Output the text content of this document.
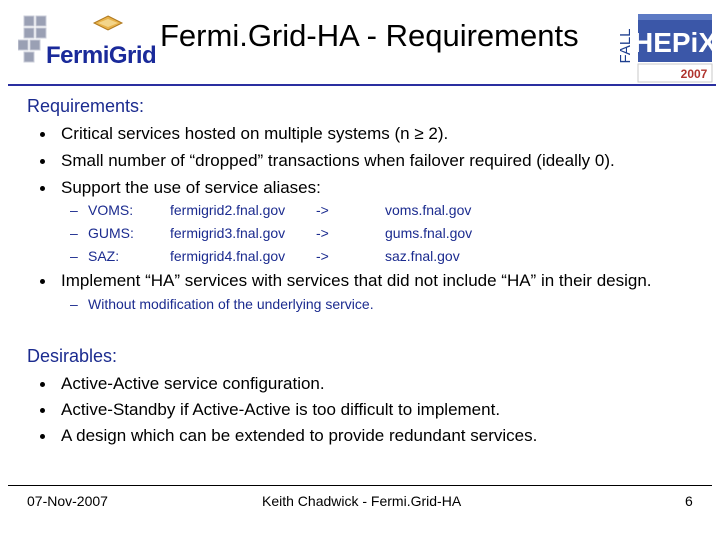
FermiGrid
Fermi.Grid-HA - Requirements	FALL
HEPiX
2007
Requirements:
Critical services hosted on multiple systems (n ≥ 2).
Small number of “dropped” transactions when failover required (ideally 0).
Support the use of service aliases:
– VOMS:	fermigrid2.fnal.gov ->	voms.fnal.gov
– GUMS:	fermigrid3.fnal.gov ->	gums.fnal.gov
– SAZ:	fermigrid4.fnal.gov ->	saz.fnal.gov
Implement “HA” services with services that did not include “HA” in their design.
– Without modification of the underlying service.
Desirables:
Active-Active service configuration.
Active-Standby if Active-Active is too difficult to implement.
A design which can be extended to provide redundant services.
07-Nov-2007	Keith Chadwick - Fermi.Grid-HA	6
